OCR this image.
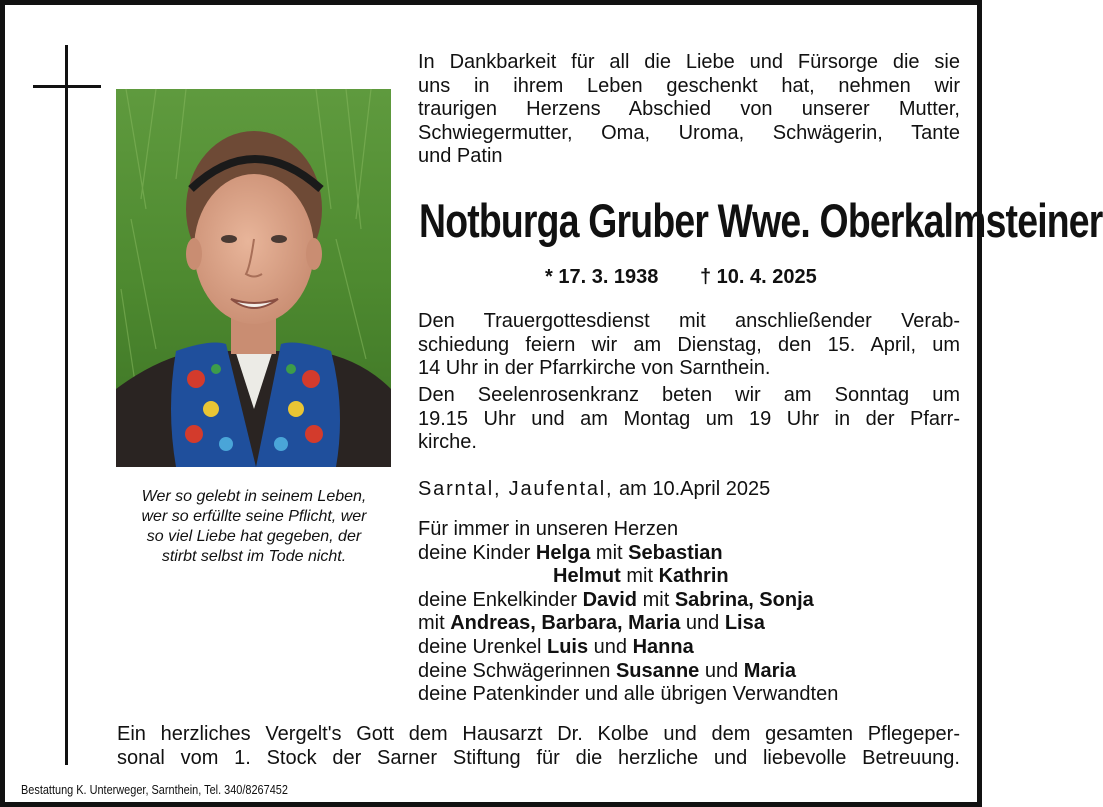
Wer so gelebt in seinem Leben,
wer so erfüllte seine Pflicht, wer
so viel Liebe hat gegeben, der
stirbt selbst im Tode nicht.
In Dankbarkeit für all die Liebe und Fürsorge die sie
uns in ihrem Leben geschenkt hat, nehmen wir
traurigen Herzens Abschied von unserer Mutter,
Schwiegermutter, Oma, Uroma, Schwägerin, Tante
und Patin
Notburga Gruber Wwe. Oberkalmsteiner
* 17. 3. 1938 † 10. 4. 2025
Den Trauergottesdienst mit anschließender Verab-
schiedung feiern wir am Dienstag, den 15. April, um
14 Uhr in der Pfarrkirche von Sarnthein.
Den Seelenrosenkranz beten wir am Sonntag um
19.15 Uhr und am Montag um 19 Uhr in der Pfarr-
kirche.
Sarntal, Jaufental, am 10.April 2025
Für immer in unseren Herzen
deine Kinder Helga mit Sebastian
Helmut mit Kathrin
deine Enkelkinder David mit Sabrina, Sonja
mit Andreas, Barbara, Maria und Lisa
deine Urenkel Luis und Hanna
deine Schwägerinnen Susanne und Maria
deine Patenkinder und alle übrigen Verwandten
Ein herzliches Vergelt's Gott dem Hausarzt Dr. Kolbe und dem gesamten Pflegeper-
sonal vom 1. Stock der Sarner Stiftung für die herzliche und liebevolle Betreuung.
Bestattung K. Unterweger, Sarnthein, Tel. 340/8267452
